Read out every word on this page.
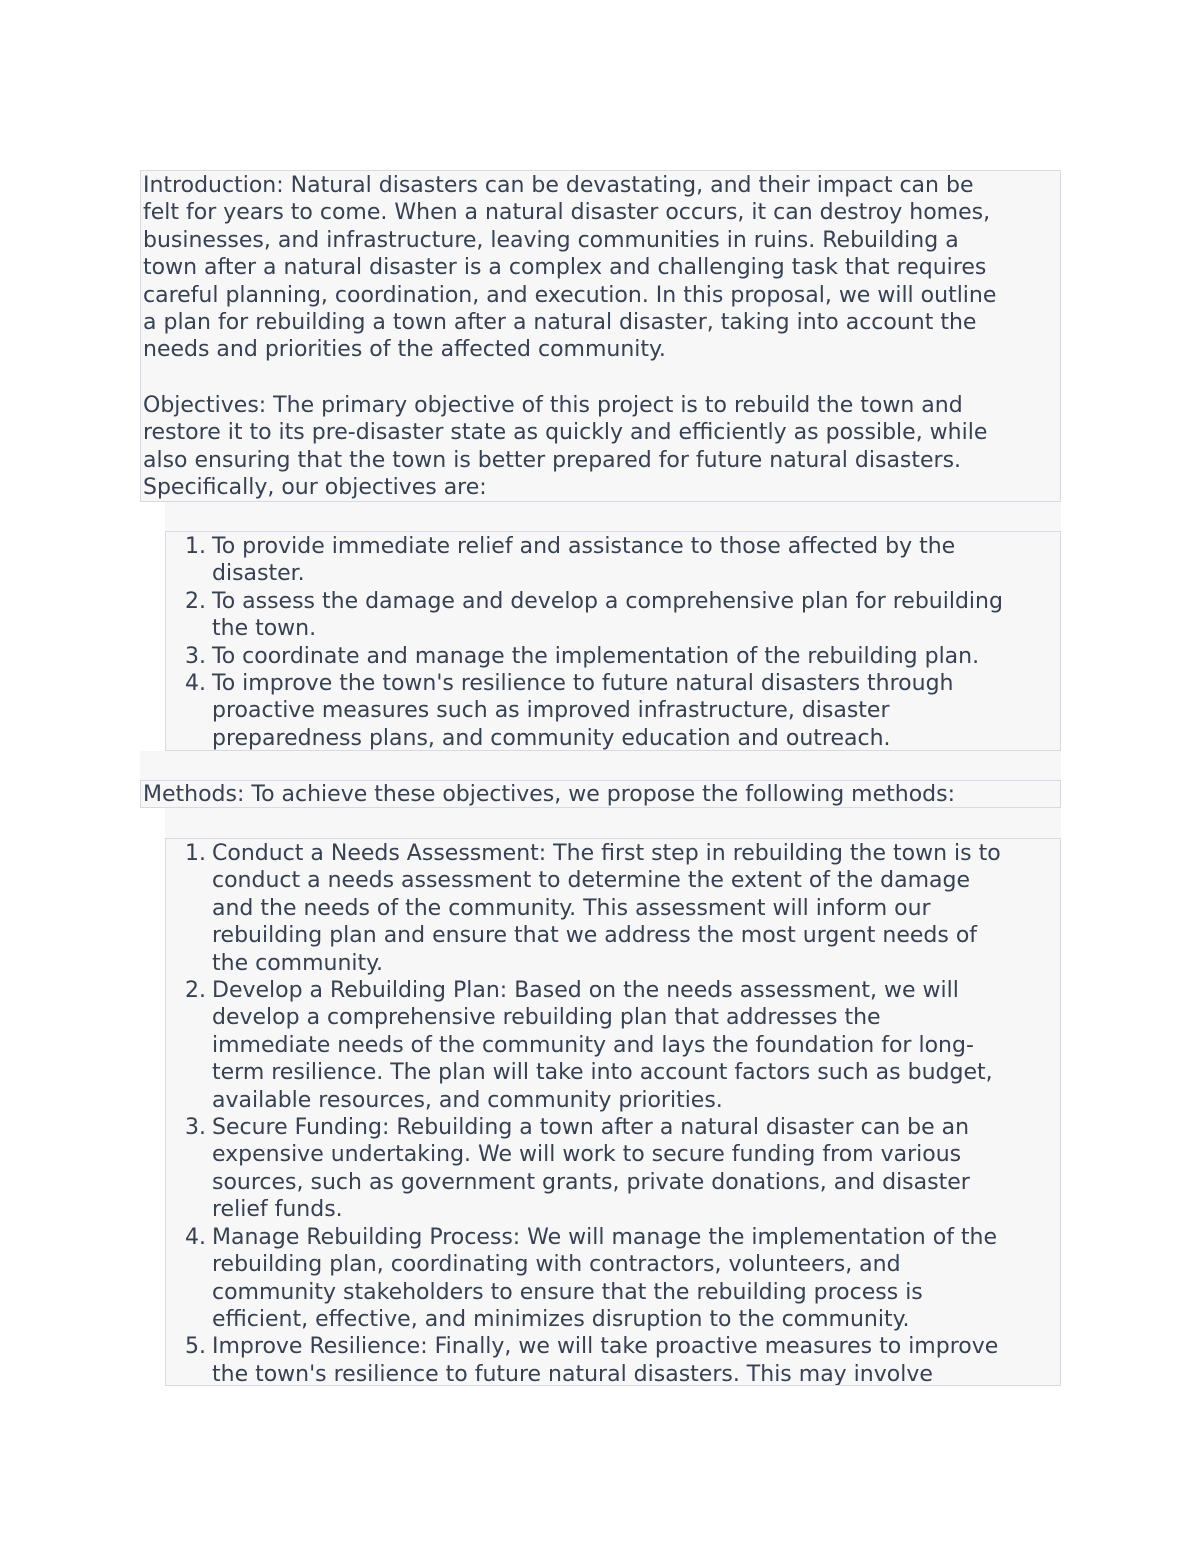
Introduction: Natural disasters can be devastating, and their impact can be

felt for years to come. When a natural disaster occurs, it can destroy homes,

businesses, and infrastructure, leaving communities in ruins. Rebuilding a

town after a natural disaster is a complex and challenging task that requires

careful planning, coordination, and execution. In this proposal, we will outline

a plan for rebuilding a town after a natural disaster, taking into account the

needs and priorities of the affected community.

Objectives: The primary objective of this project is to rebuild the town and

restore it to its pre-disaster state as quickly and efficiently as possible, while

also ensuring that the town is better prepared for future natural disasters.

Specifically, our objectives are:

1. To provide immediate relief and assistance to those affected by the
disaster.
2. To assess the damage and develop a comprehensive plan for rebuilding
the town.
3. To coordinate and manage the implementation of the rebuilding plan.
4. To improve the town's resilience to future natural disasters through
proactive measures such as improved infrastructure, disaster
preparedness plans, and community education and outreach.

Methods: To achieve these objectives, we propose the following methods:

1. Conduct a Needs Assessment: The first step in rebuilding the town is to
conduct a needs assessment to determine the extent of the damage
and the needs of the community. This assessment will inform our
rebuilding plan and ensure that we address the most urgent needs of
the community.
2. Develop a Rebuilding Plan: Based on the needs assessment, we will
develop a comprehensive rebuilding plan that addresses the
immediate needs of the community and lays the foundation for long-
term resilience. The plan will take into account factors such as budget,
available resources, and community priorities.
3. Secure Funding: Rebuilding a town after a natural disaster can be an
expensive undertaking. We will work to secure funding from various
sources, such as government grants, private donations, and disaster
relief funds.
4. Manage Rebuilding Process: We will manage the implementation of the
rebuilding plan, coordinating with contractors, volunteers, and
community stakeholders to ensure that the rebuilding process is
efficient, effective, and minimizes disruption to the community.
5. Improve Resilience: Finally, we will take proactive measures to improve
the town's resilience to future natural disasters. This may involve
